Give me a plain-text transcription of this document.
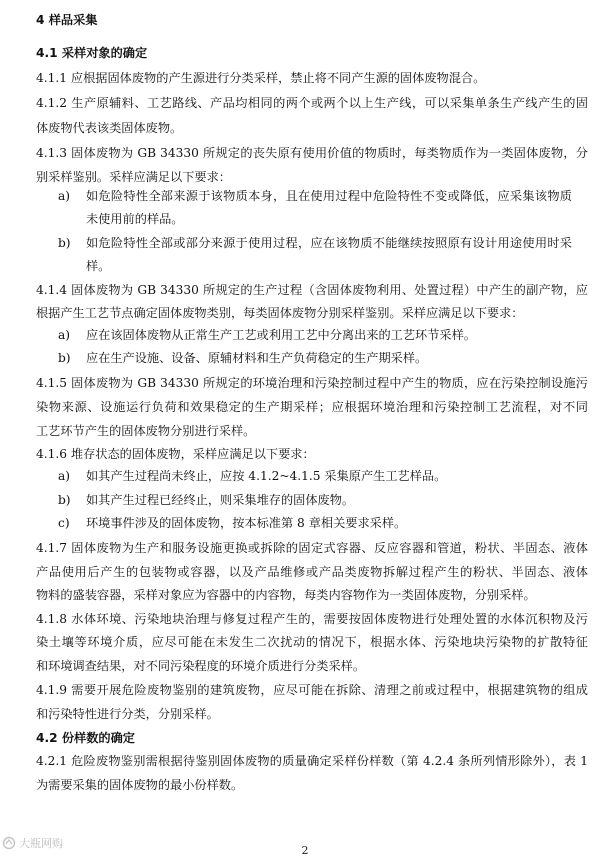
4 样品采集
4.1 采样对象的确定
4.1.1 应根据固体废物的产生源进行分类采样，禁止将不同产生源的固体废物混合。
4.1.2 生产原辅料、工艺路线、产品均相同的两个或两个以上生产线，可以采集单条生产线产生的固
体废物代表该类固体废物。
4.1.3 固体废物为 GB 34330 所规定的丧失原有使用价值的物质时，每类物质作为一类固体废物，分
别采样鉴别。采样应满足以下要求：
a)	如危险特性全部来源于该物质本身，且在使用过程中危险特性不变或降低，应采集该物质
未使用前的样品。
b)	如危险特性全部或部分来源于使用过程，应在该物质不能继续按照原有设计用途使用时采
样。
4.1.4 固体废物为 GB 34330 所规定的生产过程（含固体废物利用、处置过程）中产生的副产物，应
根据产生工艺节点确定固体废物类别，每类固体废物分别采样鉴别。采样应满足以下要求：
a)	应在该固体废物从正常生产工艺或利用工艺中分离出来的工艺环节采样。
b)	应在生产设施、设备、原辅材料和生产负荷稳定的生产期采样。
4.1.5 固体废物为 GB 34330 所规定的环境治理和污染控制过程中产生的物质，应在污染控制设施污
染物来源、设施运行负荷和效果稳定的生产期采样；应根据环境治理和污染控制工艺流程，对不同
工艺环节产生的固体废物分别进行采样。
4.1.6 堆存状态的固体废物，采样应满足以下要求：
a)	如其产生过程尚未终止，应按 4.1.2~4.1.5 采集原产生工艺样品。
b)	如其产生过程已经终止，则采集堆存的固体废物。
c)	环境事件涉及的固体废物，按本标准第 8 章相关要求采样。
4.1.7 固体废物为生产和服务设施更换或拆除的固定式容器、反应容器和管道，粉状、半固态、液体
产品使用后产生的包装物或容器，以及产品维修或产品类废物拆解过程产生的粉状、半固态、液体
物料的盛装容器，采样对象应为容器中的内容物，每类内容物作为一类固体废物，分别采样。
4.1.8 水体环境、污染地块治理与修复过程产生的，需要按固体废物进行处理处置的水体沉积物及污
染土壤等环境介质，应尽可能在未发生二次扰动的情况下，根据水体、污染地块污染物的扩散特征
和环境调查结果，对不同污染程度的环境介质进行分类采样。
4.1.9 需要开展危险废物鉴别的建筑废物，应尽可能在拆除、清理之前或过程中，根据建筑物的组成
和污染特性进行分类，分别采样。
4.2 份样数的确定
4.2.1 危险废物鉴别需根据待鉴别固体废物的质量确定采样份样数（第 4.2.4 条所列情形除外），表 1
为需要采集的固体废物的最小份样数。
大瓶网购
2
